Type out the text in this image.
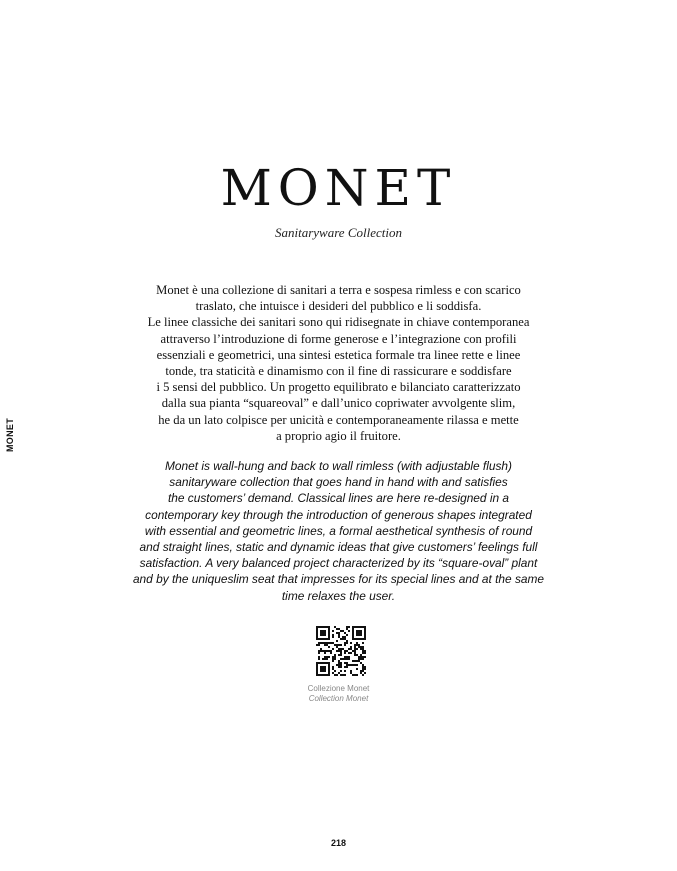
MONET
MONET
Sanitaryware Collection

Monet è una collezione di sanitari a terra e sospesa rimless e con scarico

traslato, che intuisce i desideri del pubblico e li soddisfa.

Le linee classiche dei sanitari sono qui ridisegnate in chiave contemporanea

attraverso l’introduzione di forme generose e l’integrazione con profili

essenziali e geometrici, una sintesi estetica formale tra linee rette e linee

tonde, tra staticità e dinamismo con il fine di rassicurare e soddisfare

i 5 sensi del pubblico. Un progetto equilibrato e bilanciato caratterizzato

dalla sua pianta “squareoval” e dall’unico copriwater avvolgente slim,

he da un lato colpisce per unicità e contemporaneamente rilassa e mette

a proprio agio il fruitore.

Monet is wall-hung and back to wall rimless (with adjustable flush)

sanitaryware collection that goes hand in hand with and satisfies

the customers’ demand. Classical lines are here re-designed in a

contemporary key through the introduction of generous shapes integrated

with essential and geometric lines, a formal aesthetical synthesis of round

and straight lines, static and dynamic ideas that give customers’ feelings full

satisfaction. A very balanced project characterized by its “square-oval” plant

and by the uniqueslim seat that impresses for its special lines and at the same

time relaxes the user.

Collezione Monet
Collection Monet
218
